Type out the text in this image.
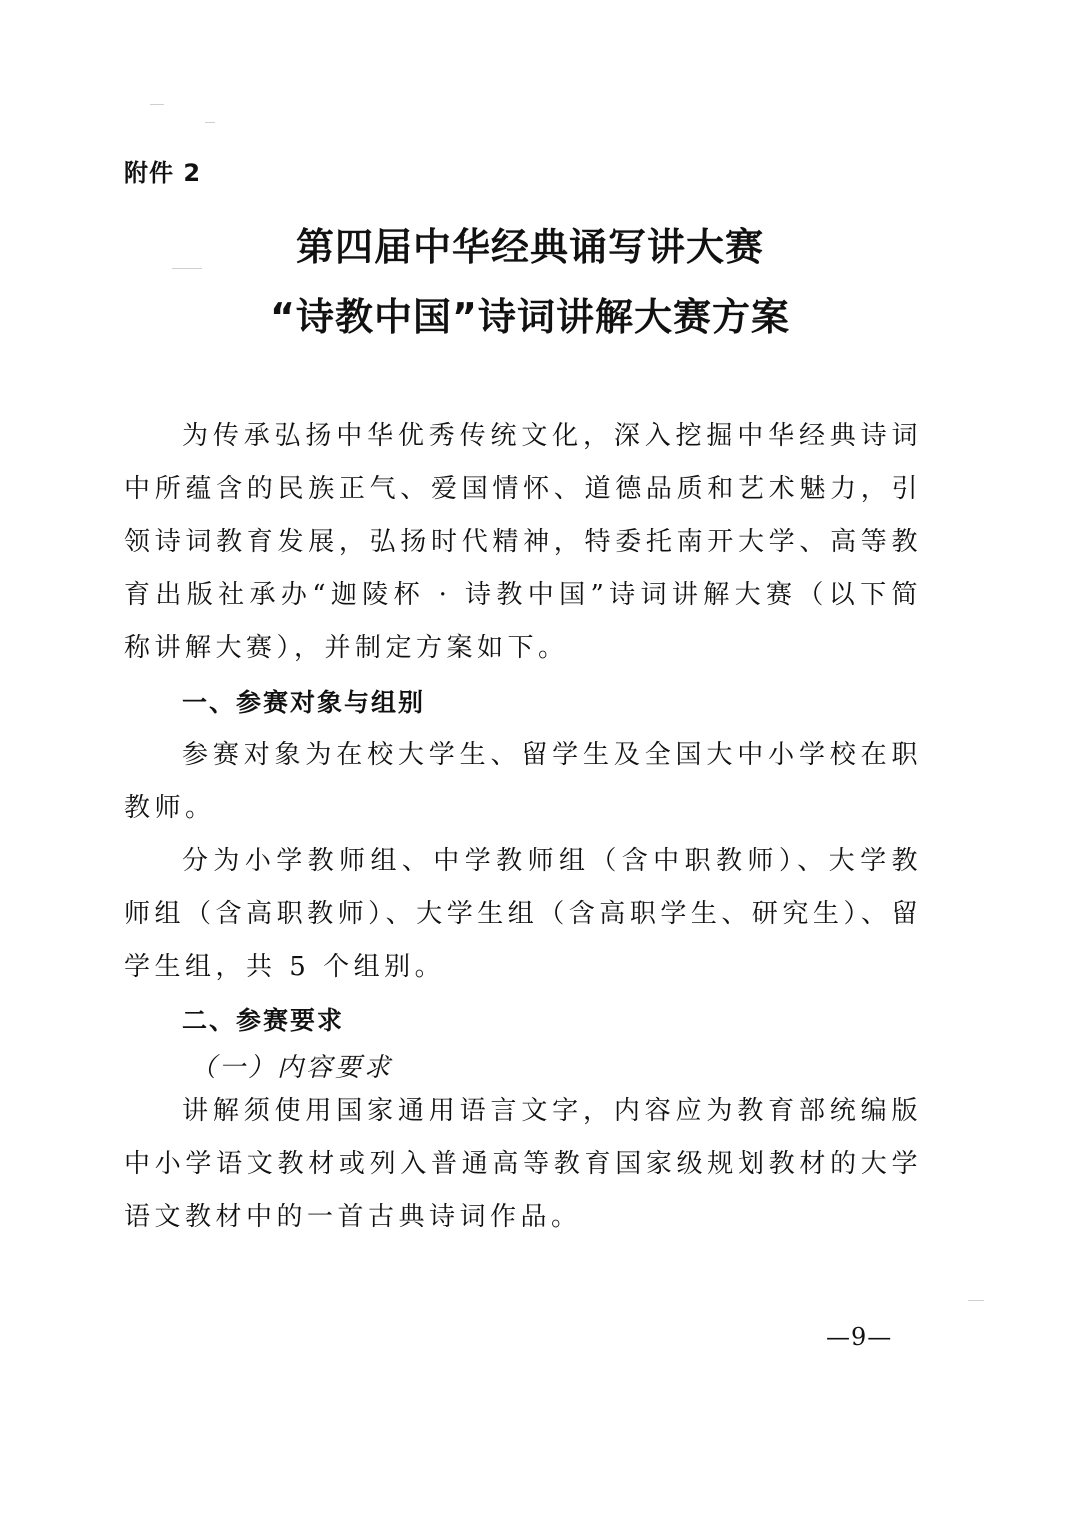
附件 2
第四届中华经典诵写讲大赛
“诗教中国”诗词讲解大赛方案
为传承弘扬中华优秀传统文化，深入挖掘中华经典诗词中所蕴含的民族正气、爱国情怀、道德品质和艺术魅力，引领诗词教育发展，弘扬时代精神，特委托南开大学、高等教育出版社承办“迦陵杯 · 诗教中国”诗词讲解大赛（以下简称讲解大赛），并制定方案如下。
一、参赛对象与组别
参赛对象为在校大学生、留学生及全国大中小学校在职教师。
分为小学教师组、中学教师组（含中职教师）、大学教师组（含高职教师）、大学生组（含高职学生、研究生）、留学生组，共 5 个组别。
二、参赛要求
（一）内容要求
讲解须使用国家通用语言文字，内容应为教育部统编版中小学语文教材或列入普通高等教育国家级规划教材的大学语文教材中的一首古典诗词作品。
—9—
